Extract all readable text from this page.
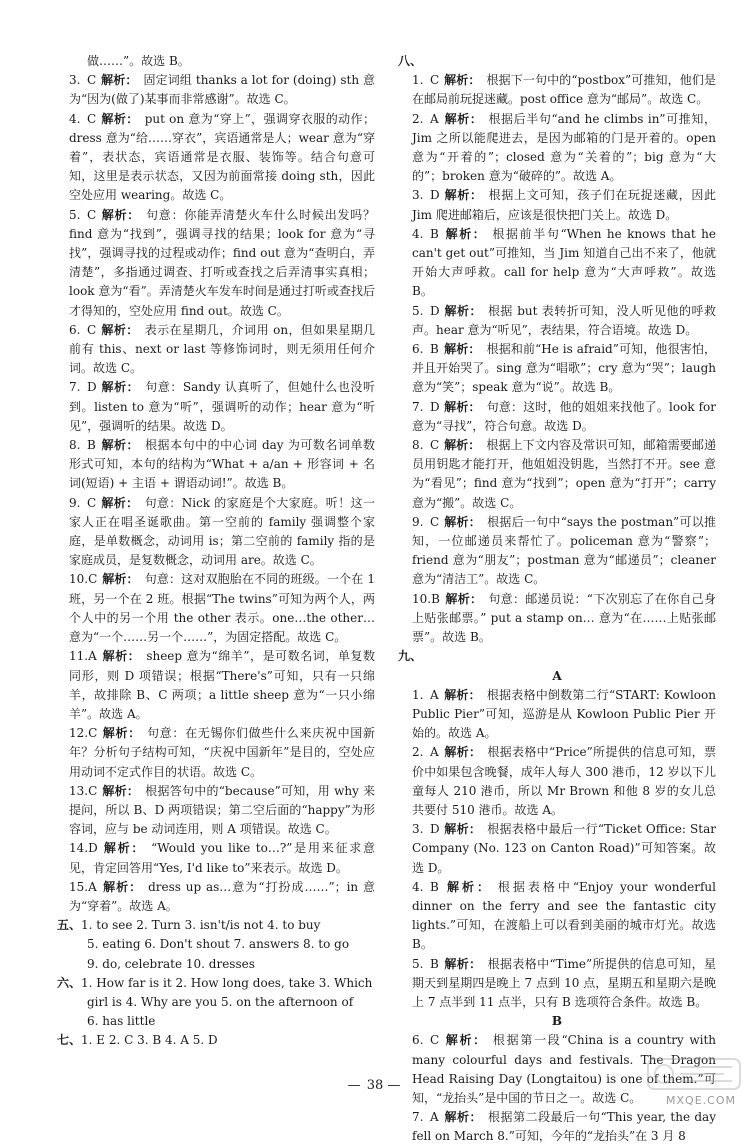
做……”。故选 B。
3. C 解析： 固定词组 thanks a lot for (doing) sth 意为“因为(做了)某事而非常感谢”。故选 C。
4. C 解析： put on 意为“穿上”，强调穿衣服的动作；dress 意为“给……穿衣”，宾语通常是人；wear 意为“穿着”，表状态，宾语通常是衣服、装饰等。结合句意可知，这里是表示状态，又因为前面常接 doing sth，因此空处应用 wearing。故选 C。
5. C 解析： 句意：你能弄清楚火车什么时候出发吗？find 意为“找到”，强调寻找的结果；look for 意为“寻找”，强调寻找的过程或动作；find out 意为“查明白，弄清楚”，多指通过调查、打听或查找之后弄清事实真相；look 意为“看”。弄清楚火车发车时间是通过打听或查找后才得知的，空处应用 find out。故选 C。
6. C 解析： 表示在星期几，介词用 on，但如果星期几前有 this、next or last 等修饰词时，则无须用任何介词。故选 C。
7. D 解析： 句意：Sandy 认真听了，但她什么也没听到。listen to 意为“听”，强调听的动作；hear 意为“听见”，强调听的结果。故选 D。
8. B 解析： 根据本句中的中心词 day 为可数名词单数形式可知，本句的结构为“What + a/an + 形容词 + 名词(短语) + 主语 + 谓语动词!”。故选 B。
9. C 解析： 句意：Nick 的家庭是个大家庭。听！这一家人正在唱圣诞歌曲。第一空前的 family 强调整个家庭，是单数概念，动词用 is；第二空前的 family 指的是家庭成员，是复数概念，动词用 are。故选 C。
10.C 解析： 句意：这对双胞胎在不同的班级。一个在 1 班，另一个在 2 班。根据“The twins”可知为两个人，两个人中的另一个用 the other 表示。one…the other… 意为“一个……另一个……”，为固定搭配。故选 C。
11.A 解析： sheep 意为“绵羊”，是可数名词，单复数同形，则 D 项错误；根据“There's”可知，只有一只绵羊，故排除 B、C 两项；a little sheep 意为“一只小绵羊”。故选 A。
12.C 解析： 句意：在无锡你们做些什么来庆祝中国新年？分析句子结构可知，“庆祝中国新年”是目的，空处应用动词不定式作目的状语。故选 C。
13.C 解析： 根据答句中的“because”可知，用 why 来提问，所以 B、D 两项错误；第二空后面的“happy”为形容词，应与 be 动词连用，则 A 项错误。故选 C。
14.D 解析： “Would you like to…?”是用来征求意见，肯定回答用“Yes, I'd like to”来表示。故选 D。
15.A 解析： dress up as…意为“打扮成……”；in 意为“穿着”。故选 A。
五、1. to see 2. Turn 3. isn't/is not 4. to buy
5. eating 6. Don't shout 7. answers 8. to go
9. do, celebrate 10. dresses
六、1. How far is it 2. How long does, take 3. Which
girl is 4. Why are you 5. on the afternoon of
6. has little
七、1. E 2. C 3. B 4. A 5. D
八、
1. C 解析： 根据下一句中的“postbox”可推知，他们是在邮局前玩捉迷藏。post office 意为“邮局”。故选 C。
2. A 解析： 根据后半句“and he climbs in”可推知，Jim 之所以能爬进去，是因为邮箱的门是开着的。open 意为“开着的”；closed 意为“关着的”；big 意为“大的”；broken 意为“破碎的”。故选 A。
3. D 解析： 根据上文可知，孩子们在玩捉迷藏，因此 Jim 爬进邮箱后，应该是很快把门关上。故选 D。
4. B 解析： 根据前半句“When he knows that he can't get out”可推知，当 Jim 知道自己出不来了，他就开始大声呼救。call for help 意为“大声呼救”。故选 B。
5. D 解析： 根据 but 表转折可知，没人听见他的呼救声。hear 意为“听见”，表结果，符合语境。故选 D。
6. B 解析： 根据和前“He is afraid”可知，他很害怕，并且开始哭了。sing 意为“唱歌”；cry 意为“哭”；laugh 意为“笑”；speak 意为“说”。故选 B。
7. D 解析： 句意：这时，他的姐姐来找他了。look for 意为“寻找”，符合句意。故选 D。
8. C 解析： 根据上下文内容及常识可知，邮箱需要邮递员用钥匙才能打开，他姐姐没钥匙，当然打不开。see 意为“看见”；find 意为“找到”；open 意为“打开”；carry 意为“搬”。故选 C。
9. C 解析： 根据后一句中“says the postman”可以推知，一位邮递员来帮忙了。policeman 意为“警察”；friend 意为“朋友”；postman 意为“邮递员”；cleaner 意为“清洁工”。故选 C。
10.B 解析： 句意：邮递员说：“下次别忘了在你自己身上贴张邮票。” put a stamp on… 意为“在……上贴张邮票”。故选 B。
九、
A
1. A 解析： 根据表格中倒数第二行“START: Kowloon Public Pier”可知，巡游是从 Kowloon Public Pier 开始的。故选 A。
2. A 解析： 根据表格中“Price”所提供的信息可知，票价中如果包含晚餐，成年人每人 300 港币，12 岁以下儿童每人 210 港币，所以 Mr Brown 和他 8 岁的女儿总共要付 510 港币。故选 A。
3. D 解析： 根据表格中最后一行“Ticket Office: Star Company (No. 123 on Canton Road)”可知答案。故选 D。
4. B 解析： 根据表格中“Enjoy your wonderful dinner on the ferry and see the fantastic city lights.”可知，在渡船上可以看到美丽的城市灯光。故选 B。
5. B 解析： 根据表格中“Time”所提供的信息可知，星期天到星期四是晚上 7 点到 10 点，星期五和星期六是晚上 7 点半到 11 点半，只有 B 选项符合条件。故选 B。
B
6. C 解析： 根据第一段“China is a country with many colourful days and festivals. The Dragon Head Raising Day (Longtaitou) is one of them.”可知，“龙抬头”是中国的节日之一。故选 C。
7. A 解析： 根据第二段最后一句“This year, the day fell on March 8.”可知，今年的“龙抬头”在 3 月 8
— 38 —
MXQE.COM
